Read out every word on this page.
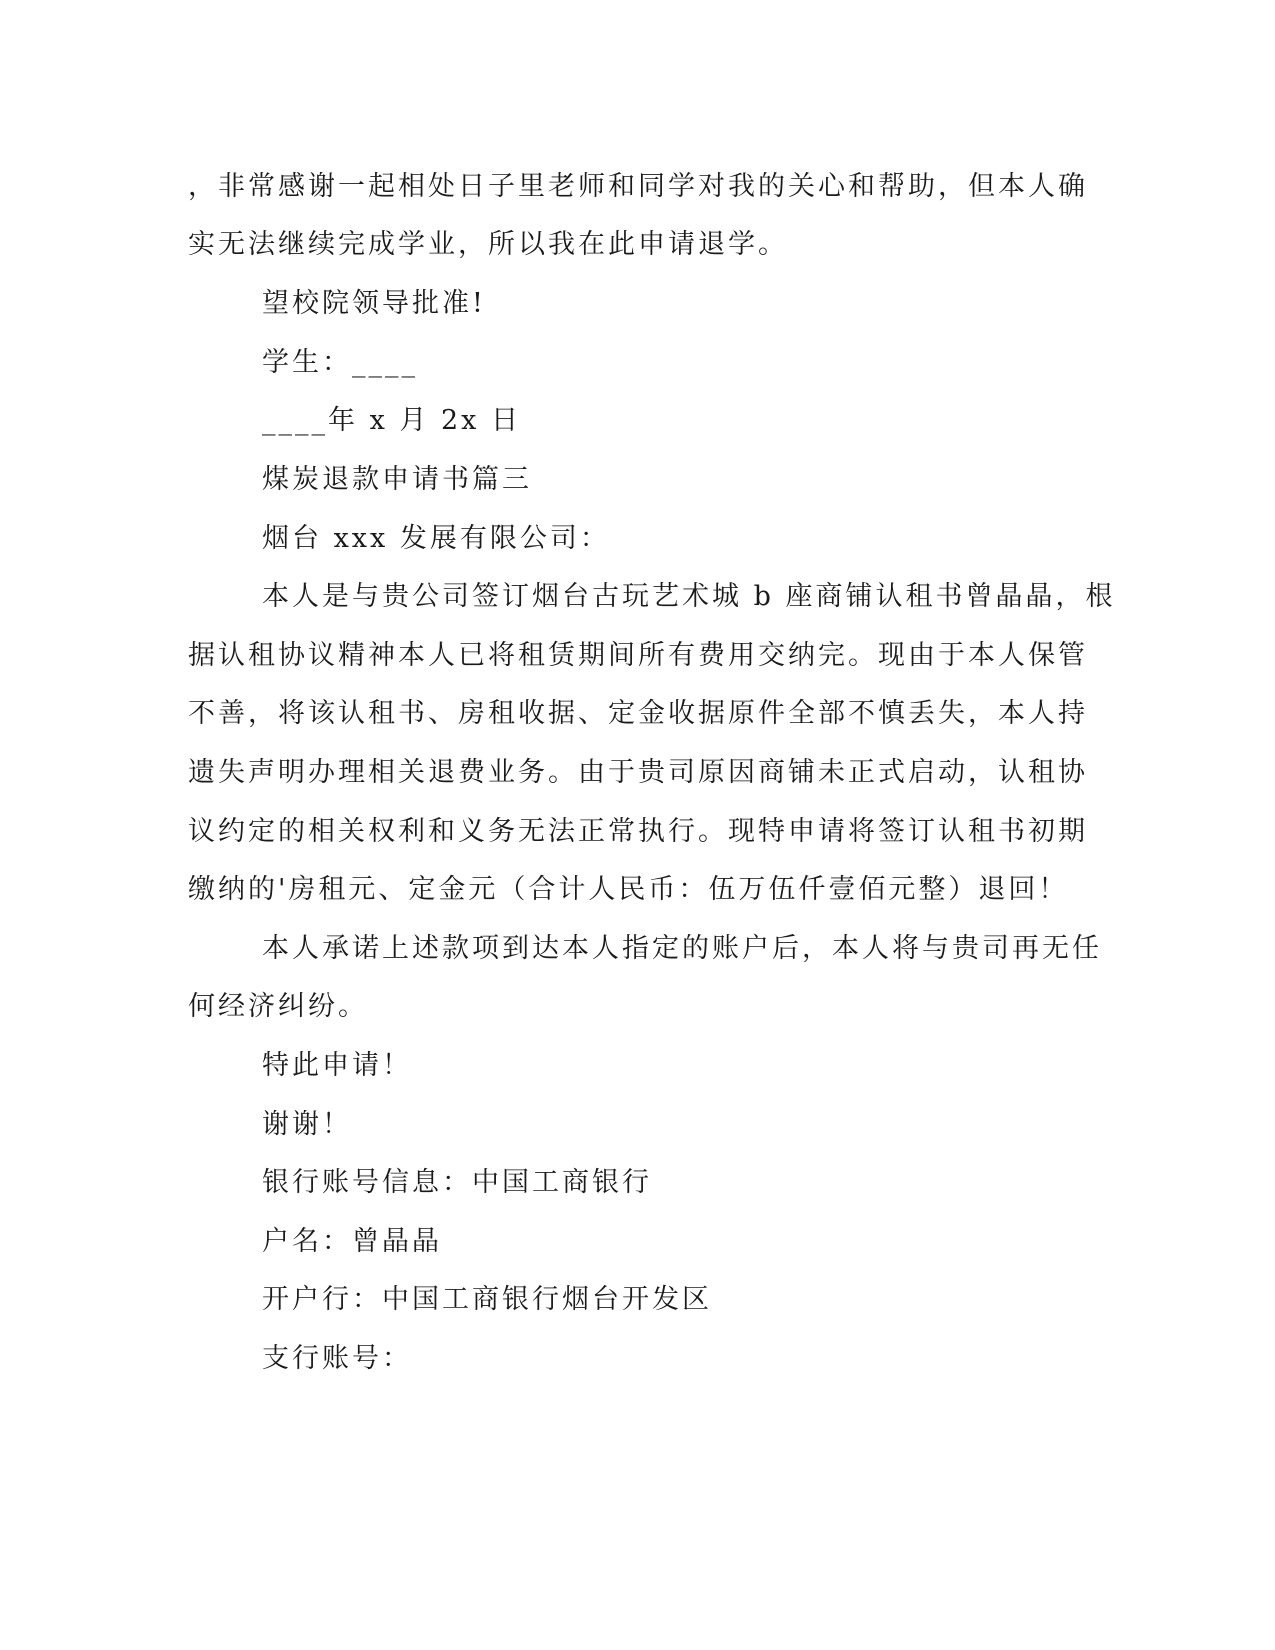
，非常感谢一起相处日子里老师和同学对我的关心和帮助，但本人确
实无法继续完成学业，所以我在此申请退学。
望校院领导批准!
学生：____
____年 x 月 2x 日
煤炭退款申请书篇三
烟台 xxx 发展有限公司：
本人是与贵公司签订烟台古玩艺术城 b 座商铺认租书曾晶晶，根
据认租协议精神本人已将租赁期间所有费用交纳完。现由于本人保管
不善，将该认租书、房租收据、定金收据原件全部不慎丢失，本人持
遗失声明办理相关退费业务。由于贵司原因商铺未正式启动，认租协
议约定的相关权利和义务无法正常执行。现特申请将签订认租书初期
缴纳的'房租元、定金元（合计人民币：伍万伍仟壹佰元整）退回！
本人承诺上述款项到达本人指定的账户后，本人将与贵司再无任
何经济纠纷。
特此申请！
谢谢！
银行账号信息：中国工商银行
户名：曾晶晶
开户行：中国工商银行烟台开发区
支行账号：
